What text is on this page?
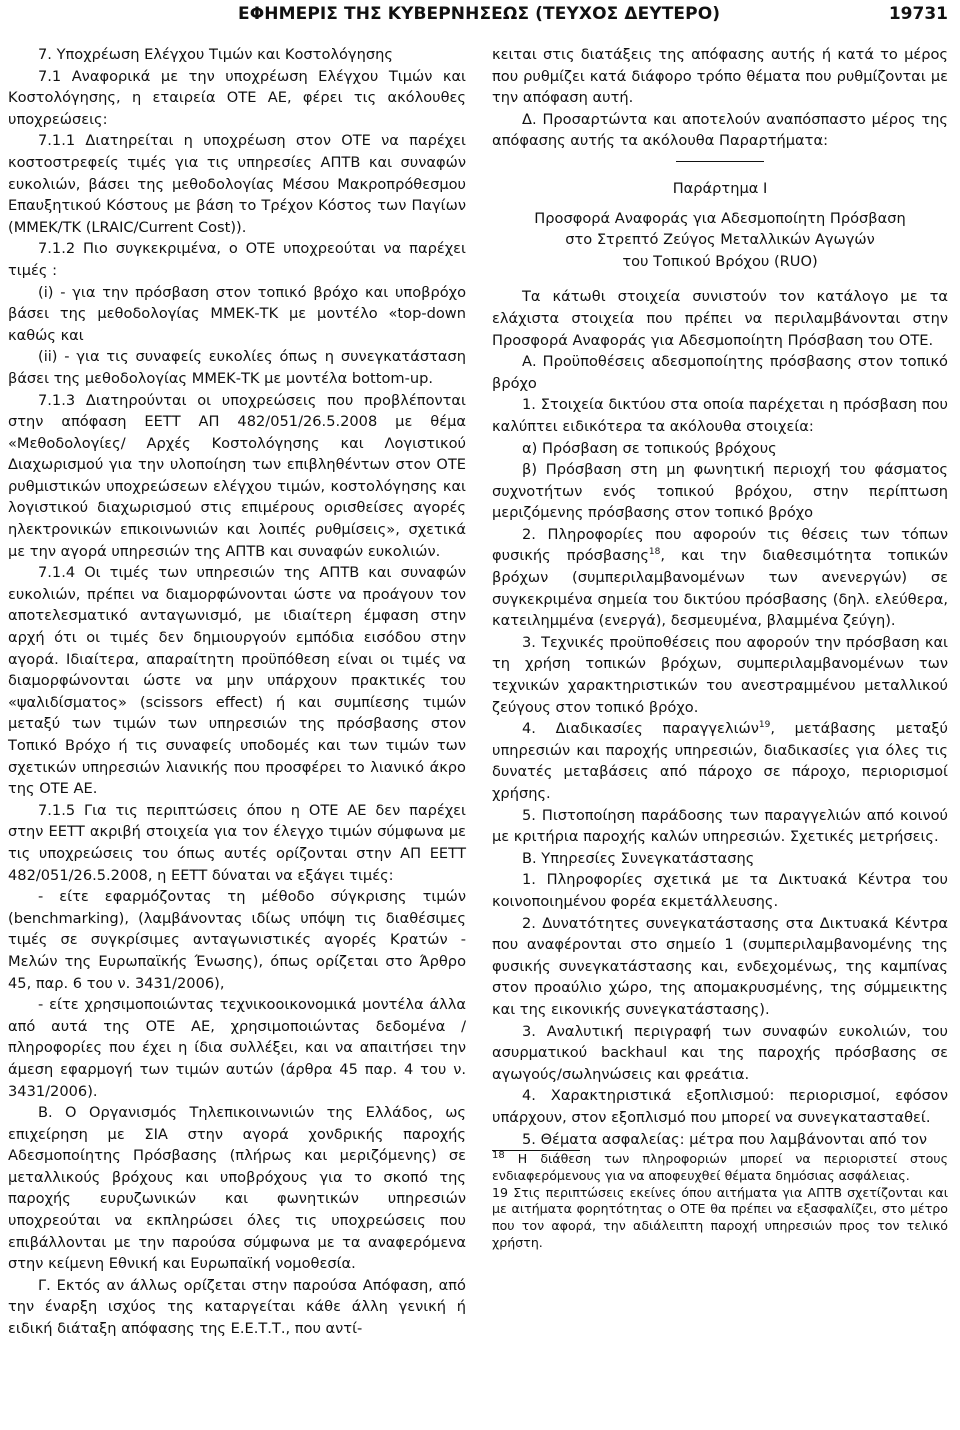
ΕΦΗΜΕΡΙΣ ΤΗΣ ΚΥΒΕΡΝΗΣΕΩΣ (ΤΕΥΧΟΣ ΔΕΥΤΕΡΟ)	19731

7. Υποχρέωση Ελέγχου Τιμών και Κοστολόγησης

7.1 Αναφορικά με την υποχρέωση Ελέγχου Τιμών και Κοστολόγησης, η εταιρεία ΟΤΕ ΑΕ, φέρει τις ακόλουθες υποχρεώσεις:

7.1.1 Διατηρείται η υποχρέωση στον ΟΤΕ να παρέχει κοστοστρεφείς τιμές για τις υπηρεσίες ΑΠΤΒ και συναφών ευκολιών, βάσει της μεθοδολογίας Μέσου Μακροπρόθεσμου Επαυξητικού Κόστους με βάση το Τρέχον Κόστος των Παγίων (ΜΜΕΚ/ΤΚ (LRAIC/Current Cost)).

7.1.2 Πιο συγκεκριμένα, ο ΟΤΕ υποχρεούται να παρέχει τιμές :

(i) - για την πρόσβαση στον τοπικό βρόχο και υποβρόχο βάσει της μεθοδολογίας ΜΜΕΚ-ΤΚ με μοντέλο «top-down καθώς και

(ii) - για τις συναφείς ευκολίες όπως η συνεγκατάσταση βάσει της μεθοδολογίας ΜΜΕΚ-ΤΚ με μοντέλα bottom-up.

7.1.3 Διατηρούνται οι υποχρεώσεις που προβλέπονται στην απόφαση ΕΕΤΤ ΑΠ 482/051/26.5.2008 με θέμα «Μεθοδολογίες/ Αρχές Κοστολόγησης και Λογιστικού Διαχωρισμού για την υλοποίηση των επιβληθέντων στον ΟΤΕ ρυθμιστικών υποχρεώσεων ελέγχου τιμών, κοστολόγησης και λογιστικού διαχωρισμού στις επιμέρους ορισθείσες αγορές ηλεκτρονικών επικοινωνιών και λοιπές ρυθμίσεις», σχετικά με την αγορά υπηρεσιών της ΑΠΤΒ και συναφών ευκολιών.

7.1.4 Οι τιμές των υπηρεσιών της ΑΠΤΒ και συναφών ευκολιών, πρέπει να διαμορφώνονται ώστε να προάγουν τον αποτελεσματικό ανταγωνισμό, με ιδιαίτερη έμφαση στην αρχή ότι οι τιμές δεν δημιουργούν εμπόδια εισόδου στην αγορά. Ιδιαίτερα, απαραίτητη προϋπόθεση είναι οι τιμές να διαμορφώνονται ώστε να μην υπάρχουν πρακτικές του «ψαλιδίσματος» (scissors effect) ή και συμπίεσης τιμών μεταξύ των τιμών των υπηρεσιών της πρόσβασης στον Τοπικό Βρόχο ή τις συναφείς υποδομές και των τιμών των σχετικών υπηρεσιών λιανικής που προσφέρει το λιανικό άκρο της ΟΤΕ ΑΕ.

7.1.5 Για τις περιπτώσεις όπου η ΟΤΕ ΑΕ δεν παρέχει στην ΕΕΤΤ ακριβή στοιχεία για τον έλεγχο τιμών σύμφωνα με τις υποχρεώσεις του όπως αυτές ορίζονται στην ΑΠ ΕΕΤΤ 482/051/26.5.2008, η ΕΕΤΤ δύναται να εξάγει τιμές:

- είτε εφαρμόζοντας τη μέθοδο σύγκρισης τιμών (benchmarking), (λαμβάνοντας ιδίως υπόψη τις διαθέσιμες τιμές σε συγκρίσιμες ανταγωνιστικές αγορές Κρατών - Μελών της Ευρωπαϊκής Ένωσης), όπως ορίζεται στο Άρθρο 45, παρ. 6 του ν. 3431/2006),

- είτε χρησιμοποιώντας τεχνικοοικονομικά μοντέλα άλλα από αυτά της ΟΤΕ ΑΕ, χρησιμοποιώντας δεδομένα / πληροφορίες που έχει η ίδια συλλέξει, και να απαιτήσει την άμεση εφαρμογή των τιμών αυτών (άρθρα 45 παρ. 4 του ν. 3431/2006).

Β. Ο Οργανισμός Τηλεπικοινωνιών της Ελλάδος, ως επιχείρηση με ΣΙΑ στην αγορά χονδρικής παροχής Αδεσμοποίητης Πρόσβασης (πλήρως και μεριζόμενης) σε μεταλλικούς βρόχους και υποβρόχους για το σκοπό της παροχής ευρυζωνικών και φωνητικών υπηρεσιών υποχρεούται να εκπληρώσει όλες τις υποχρεώσεις που επιβάλλονται με την παρούσα σύμφωνα με τα αναφερόμενα στην κείμενη Εθνική και Ευρωπαϊκή νομοθεσία.

Γ. Εκτός αν άλλως ορίζεται στην παρούσα Απόφαση, από την έναρξη ισχύος της καταργείται κάθε άλλη γενική ή ειδική διάταξη απόφασης της Ε.Ε.Τ.Τ., που αντί-

κειται στις διατάξεις της απόφασης αυτής ή κατά το μέρος που ρυθμίζει κατά διάφορο τρόπο θέματα που ρυθμίζονται με την απόφαση αυτή.

Δ. Προσαρτώντα και αποτελούν αναπόσπαστο μέρος της απόφασης αυτής τα ακόλουθα Παραρτήματα:

Παράρτημα Ι

Προσφορά Αναφοράς για Αδεσμοποίητη Πρόσβαση

στο Στρεπτό Ζεύγος Μεταλλικών Αγωγών

του Τοπικού Βρόχου (RUO)

Τα κάτωθι στοιχεία συνιστούν τον κατάλογο με τα ελάχιστα στοιχεία που πρέπει να περιλαμβάνονται στην Προσφορά Αναφοράς για Αδεσμοποίητη Πρόσβαση του ΟΤΕ.

Α. Προϋποθέσεις αδεσμοποίητης πρόσβασης στον τοπικό βρόχο

1. Στοιχεία δικτύου στα οποία παρέχεται η πρόσβαση που καλύπτει ειδικότερα τα ακόλουθα στοιχεία:

α) Πρόσβαση σε τοπικούς βρόχους

β) Πρόσβαση στη μη φωνητική περιοχή του φάσματος συχνοτήτων ενός τοπικού βρόχου, στην περίπτωση μεριζόμενης πρόσβασης στον τοπικό βρόχο

2. Πληροφορίες που αφορούν τις θέσεις των τόπων φυσικής πρόσβασης$^{18}$, και την διαθεσιμότητα τοπικών βρόχων (συμπεριλαμβανομένων των ανενεργών) σε συγκεκριμένα σημεία του δικτύου πρόσβασης (δηλ. ελεύθερα, κατειλημμένα (ενεργά), δεσμευμένα, βλαμμένα ζεύγη).

3. Τεχνικές προϋποθέσεις που αφορούν την πρόσβαση και τη χρήση τοπικών βρόχων, συμπεριλαμβανομένων των τεχνικών χαρακτηριστικών του ανεστραμμένου μεταλλικού ζεύγους στον τοπικό βρόχο.

4. Διαδικασίες παραγγελιών$^{19}$, μετάβασης μεταξύ υπηρεσιών και παροχής υπηρεσιών, διαδικασίες για όλες τις δυνατές μεταβάσεις από πάροχο σε πάροχο, περιορισμοί χρήσης.

5. Πιστοποίηση παράδοσης των παραγγελιών από κοινού με κριτήρια παροχής καλών υπηρεσιών. Σχετικές μετρήσεις.

Β. Υπηρεσίες Συνεγκατάστασης

1. Πληροφορίες σχετικά με τα Δικτυακά Κέντρα του κοινοποιημένου φορέα εκμετάλλευσης.

2. Δυνατότητες συνεγκατάστασης στα Δικτυακά Κέντρα που αναφέρονται στο σημείο 1 (συμπεριλαμβανομένης της φυσικής συνεγκατάστασης και, ενδεχομένως, της καμπίνας στον προαύλιο χώρο, της απομακρυσμένης, της σύμμεικτης και της εικονικής συνεγκατάστασης).

3. Αναλυτική περιγραφή των συναφών ευκολιών, του ασυρματικού backhaul και της παροχής πρόσβασης σε αγωγούς/σωληνώσεις και φρεάτια.

4. Χαρακτηριστικά εξοπλισμού: περιορισμοί, εφόσον υπάρχουν, στον εξοπλισμό που μπορεί να συνεγκατασταθεί.

5. Θέματα ασφαλείας: μέτρα που λαμβάνονται από τον

$^{18}$ Η διάθεση των πληροφοριών μπορεί να περιοριστεί στους ενδιαφερόμενους για να αποφευχθεί θέματα δημόσιας ασφάλειας.

19 Στις περιπτώσεις εκείνες όπου αιτήματα για ΑΠΤΒ σχετίζονται και με αιτήματα φορητότητας ο ΟΤΕ θα πρέπει να εξασφαλίζει, στο μέτρο που τον αφορά, την αδιάλειπτη παροχή υπηρεσιών προς τον τελικό χρήστη.
